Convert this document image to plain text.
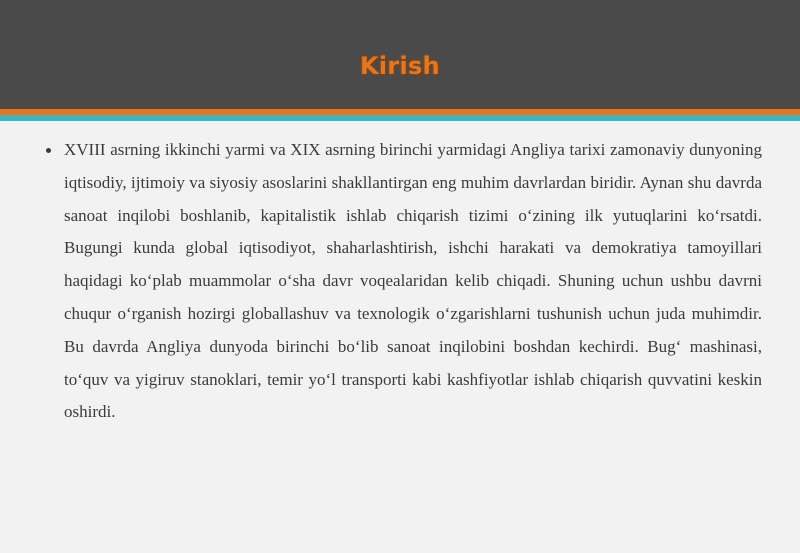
Kirish
XVIII asrning ikkinchi yarmi va XIX asrning birinchi yarmidagi Angliya tarixi zamonaviy dunyoning iqtisodiy, ijtimoiy va siyosiy asoslarini shakllantirgan eng muhim davrlardan biridir. Aynan shu davrda sanoat inqilobi boshlanib, kapitalistik ishlab chiqarish tizimi o‘zining ilk yutuqlarini ko‘rsatdi. Bugungi kunda global iqtisodiyot, shaharlashtirish, ishchi harakati va demokratiya tamoyillari haqidagi ko‘plab muammolar o‘sha davr voqealaridan kelib chiqadi. Shuning uchun ushbu davrni chuqur o‘rganish hozirgi globallashuv va texnologik o‘zgarishlarni tushunish uchun juda muhimdir. Bu davrda Angliya dunyoda birinchi bo‘lib sanoat inqilobini boshdan kechirdi. Bug‘ mashinasi, to‘quv va yigiruv stanoklari, temir yo‘l transporti kabi kashfiyotlar ishlab chiqarish quvvatini keskin oshirdi.
